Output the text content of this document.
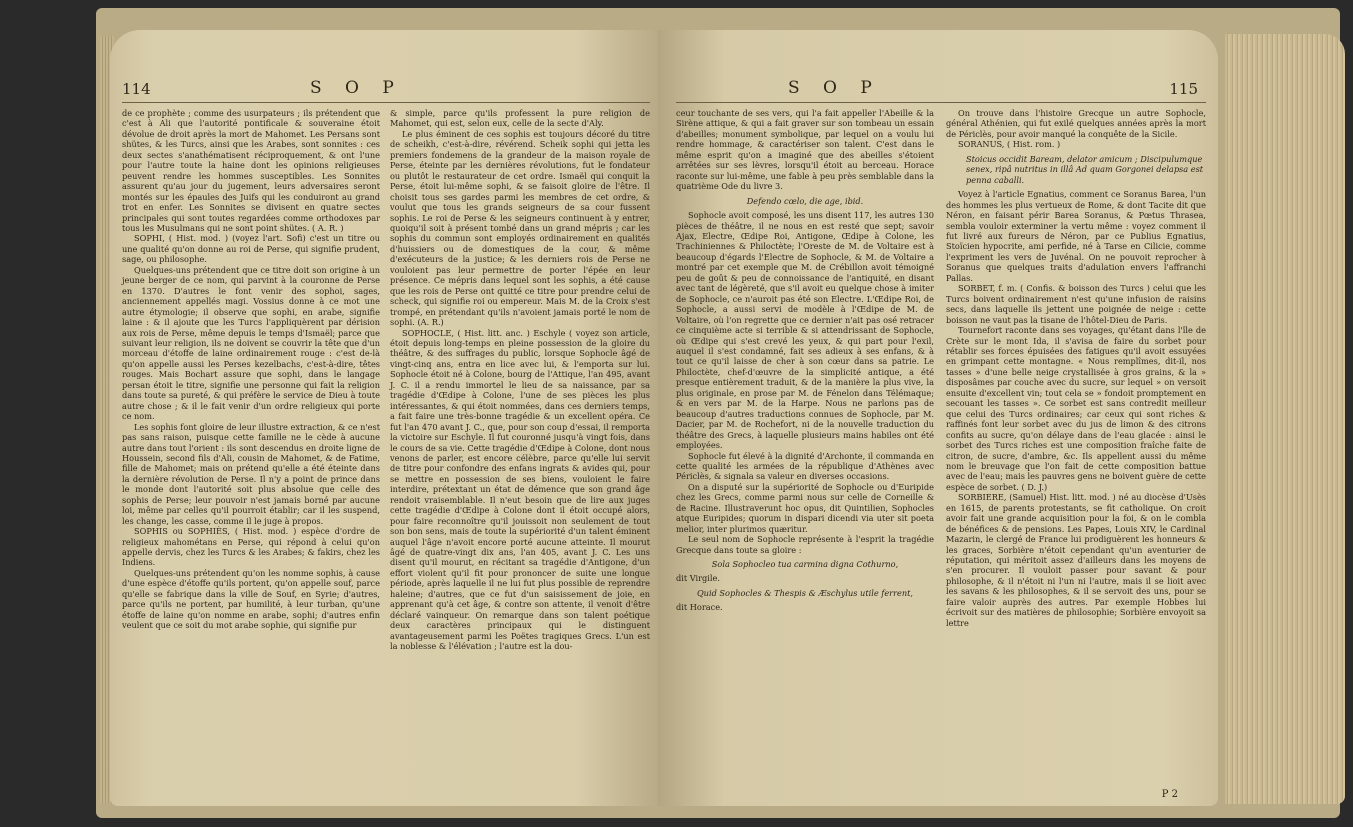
114	S O P

de ce prophète ; comme des usurpateurs ; ils prétendent que c'est à Ali que l'autorité pontificale & souveraine étoit dévolue de droit après la mort de Mahomet. Les Persans sont shütes, & les Turcs, ainsi que les Arabes, sont sonnites : ces deux sectes s'anathématisent réciproquement, & ont l'une pour l'autre toute la haine dont les opinions religieuses peuvent rendre les hommes susceptibles. Les Sonnites assurent qu'au jour du jugement, leurs adversaires seront montés sur les épaules des Juifs qui les conduiront au grand trot en enfer. Les Sonnites se divisent en quatre sectes principales qui sont toutes regardées comme orthodoxes par tous les Musulmans qui ne sont point shütes. ( A. R. )

SOPHI, ( Hist. mod. ) (voyez l'art. Sofi) c'est un titre ou une qualité qu'on donne au roi de Perse, qui signifie prudent, sage, ou philosophe.

Quelques-uns prétendent que ce titre doit son origine à un jeune berger de ce nom, qui parvint à la couronne de Perse en 1370. D'autres le font venir des sophoi, sages, anciennement appellés magi. Vossius donne à ce mot une autre étymologie; il observe que sophi, en arabe, signifie laine : & il ajoute que les Turcs l'appliquèrent par dérision aux rois de Perse, même depuis le temps d'Ismaël; parce que suivant leur religion, ils ne doivent se couvrir la tête que d'un morceau d'étoffe de laine ordinairement rouge : c'est de-là qu'on appelle aussi les Perses kezelbachs, c'est-à-dire, têtes rouges. Mais Bochart assure que sophi, dans le langage persan étoit le titre, signifie une personne qui fait la religion dans toute sa pureté, & qui préfère le service de Dieu à toute autre chose ; & il le fait venir d'un ordre religieux qui porte ce nom.

Les sophis font gloire de leur illustre extraction, & ce n'est pas sans raison, puisque cette famille ne le cède à aucune autre dans tout l'orient : ils sont descendus en droite ligne de Houssein, second fils d'Ali, cousin de Mahomet, & de Fatime, fille de Mahomet; mais on prétend qu'elle a été éteinte dans la dernière révolution de Perse. Il n'y a point de prince dans le monde dont l'autorité soit plus absolue que celle des sophis de Perse; leur pouvoir n'est jamais borné par aucune loi, même par celles qu'il pourroit établir; car il les suspend, les change, les casse, comme il le juge à propos.

SOPHIS ou SOPHIÈS, ( Hist. mod. ) espèce d'ordre de religieux mahométans en Perse, qui répond à celui qu'on appelle dervis, chez les Turcs & les Arabes; & fakirs, chez les Indiens.

Quelques-uns prétendent qu'on les nomme sophis, à cause d'une espèce d'étoffe qu'ils portent, qu'on appelle souf, parce qu'elle se fabrique dans la ville de Souf, en Syrie; d'autres, parce qu'ils ne portent, par humilité, à leur turban, qu'une étoffe de laine qu'on nomme en arabe, sophi; d'autres enfin veulent que ce soit du mot arabe sophie, qui signifie pur

& simple, parce qu'ils professent la pure religion de Mahomet, qui est, selon eux, celle de la secte d'Aly.

Le plus éminent de ces sophis est toujours décoré du titre de scheikh, c'est-à-dire, révérend. Scheik sophi qui jetta les premiers fondemens de la grandeur de la maison royale de Perse, éteinte par les dernières révolutions, fut le fondateur ou plutôt le restaurateur de cet ordre. Ismaël qui conquit la Perse, étoit lui-même sophi, & se faisoit gloire de l'être. Il choisit tous ses gardes parmi les membres de cet ordre, & voulut que tous les grands seigneurs de sa cour fussent sophis. Le roi de Perse & les seigneurs continuent à y entrer, quoiqu'il soit à présent tombé dans un grand mépris ; car les sophis du commun sont employés ordinairement en qualités d'huissiers ou de domestiques de la cour, & même d'exécuteurs de la justice; & les derniers rois de Perse ne vouloient pas leur permettre de porter l'épée en leur présence. Ce mépris dans lequel sont les sophis, a été cause que les rois de Perse ont quitté ce titre pour prendre celui de scheck, qui signifie roi ou empereur. Mais M. de la Croix s'est trompé, en prétendant qu'ils n'avoient jamais porté le nom de sophi. (A. R.)

SOPHOCLE, ( Hist. litt. anc. ) Eschyle ( voyez son article, étoit depuis long-temps en pleine possession de la gloire du théâtre, & des suffrages du public, lorsque Sophocle âgé de vingt-cinq ans, entra en lice avec lui, & l'emporta sur lui. Sophocle étoit né à Colone, bourg de l'Attique, l'an 495, avant J. C. il a rendu immortel le lieu de sa naissance, par sa tragédie d'Œdipe à Colone, l'une de ses pièces les plus intéressantes, & qui étoit nommées, dans ces derniers temps, a fait faire une très-bonne tragédie & un excellent opéra. Ce fut l'an 470 avant J. C., que, pour son coup d'essai, il remporta la victoire sur Eschyle. Il fut couronné jusqu'à vingt fois, dans le cours de sa vie. Cette tragédie d'Œdipe à Colone, dont nous venons de parler, est encore célèbre, parce qu'elle lui servit de titre pour confondre des enfans ingrats & avides qui, pour se mettre en possession de ses biens, vouloient le faire interdire, prétextant un état de démence que son grand âge rendoit vraisemblable. Il n'eut besoin que de lire aux juges cette tragédie d'Œdipe à Colone dont il étoit occupé alors, pour faire reconnoître qu'il jouissoit non seulement de tout son bon sens, mais de toute la supériorité d'un talent éminent auquel l'âge n'avoit encore porté aucune atteinte. Il mourut âgé de quatre-vingt dix ans, l'an 405, avant J. C. Les uns disent qu'il mourut, en récitant sa tragédie d'Antigone, d'un effort violent qu'il fit pour prononcer de suite une longue période, après laquelle il ne lui fut plus possible de reprendre haleine; d'autres, que ce fut d'un saisissement de joie, en apprenant qu'à cet âge, & contre son attente, il venoit d'être déclaré vainqueur. On remarque dans son talent poétique deux caractères principaux qui le distinguent avantageusement parmi les Poëtes tragiques Grecs. L'un est la noblesse & l'élévation ; l'autre est la dou-

S O P	115

ceur touchante de ses vers, qui l'a fait appeller l'Abeille & la Sirène attique, & qui a fait graver sur son tombeau un essain d'abeilles; monument symbolique, par lequel on a voulu lui rendre hommage, & caractériser son talent. C'est dans le même esprit qu'on a imaginé que des abeilles s'étoient arrêtées sur ses lèvres, lorsqu'il étoit au berceau. Horace raconte sur lui-même, une fable à peu près semblable dans la quatrième Ode du livre 3.

Defendo cœlo, die age, ibid.

Sophocle avoit composé, les uns disent 117, les autres 130 pièces de théâtre, il ne nous en est resté que sept; savoir Ajax, Electre, Œdipe Roi, Antigone, Œdipe à Colone, les Trachiniennes & Philoctète; l'Oreste de M. de Voltaire est à beaucoup d'égards l'Electre de Sophocle, & M. de Voltaire a montré par cet exemple que M. de Crébillon avoit témoigné peu de goût & peu de connoissance de l'antiquité, en disant avec tant de légèreté, que s'il avoit eu quelque chose à imiter de Sophocle, ce n'auroit pas été son Electre. L'Œdipe Roi, de Sophocle, a aussi servi de modèle à l'Œdipe de M. de Voltaire, où l'on regrette que ce dernier n'ait pas osé retracer ce cinquième acte si terrible & si attendrissant de Sophocle, où Œdipe qui s'est crevé les yeux, & qui part pour l'exil, auquel il s'est condamné, fait ses adieux à ses enfans, & à tout ce qu'il laisse de cher à son cœur dans sa patrie. Le Philoctète, chef-d'œuvre de la simplicité antique, a été presque entièrement traduit, & de la manière la plus vive, la plus originale, en prose par M. de Fénelon dans Télémaque; & en vers par M. de la Harpe. Nous ne parlons pas de beaucoup d'autres traductions connues de Sophocle, par M. Dacier, par M. de Rochefort, ni de la nouvelle traduction du théâtre des Grecs, à laquelle plusieurs mains habiles ont été employées.

Sophocle fut élevé à la dignité d'Archonte, il commanda en cette qualité les armées de la république d'Athènes avec Périclès, & signala sa valeur en diverses occasions.

On a disputé sur la supériorité de Sophocle ou d'Euripide chez les Grecs, comme parmi nous sur celle de Corneille & de Racine. Illustraverunt hoc opus, dit Quintilien, Sophocles atque Euripides; quorum in dispari dicendi via uter sit poeta melior, inter plurimos quæritur.

Le seul nom de Sophocle représente à l'esprit la tragédie Grecque dans toute sa gloire :

Sola Sophocleo tua carmina digna Cothurno,

dit Virgile.

Quid Sophocles & Thespis & Æschylus utile ferrent,

dit Horace.

On trouve dans l'histoire Grecque un autre Sophocle, général Athénien, qui fut exilé quelques années après la mort de Périclès, pour avoir manqué la conquête de la Sicile.

SORANUS, ( Hist. rom. )

Stoicus occidit Baream, delator amicum ; Discipulumque senex, ripâ nutritus in illâ Ad quam Gorgonei delapsa est penna caballi.

Voyez à l'article Egnatius, comment ce Soranus Barea, l'un des hommes les plus vertueux de Rome, & dont Tacite dit que Néron, en faisant périr Barea Soranus, & Pœtus Thrasea, sembla vouloir exterminer la vertu même : voyez comment il fut livré aux fureurs de Néron, par ce Publius Egnatius, Stoïcien hypocrite, ami perfide, né à Tarse en Cilicie, comme l'expriment les vers de Juvénal. On ne pouvoit reprocher à Soranus que quelques traits d'adulation envers l'affranchi Pallas.

SORBET, f. m. ( Confis. & boisson des Turcs ) celui que les Turcs boivent ordinairement n'est qu'une infusion de raisins secs, dans laquelle ils jettent une poignée de neige : cette boisson ne vaut pas la tisane de l'hôtel-Dieu de Paris.

Tournefort raconte dans ses voyages, qu'étant dans l'île de Crète sur le mont Ida, il s'avisa de faire du sorbet pour rétablir ses forces épuisées des fatigues qu'il avoit essuyées en grimpant cette montagne. « Nous remplîmes, dit-il, nos tasses » d'une belle neige crystallisée à gros grains, & la » disposâmes par couche avec du sucre, sur lequel » on versoit ensuite d'excellent vin; tout cela se » fondoit promptement en secouant les tasses ». Ce sorbet est sans contredit meilleur que celui des Turcs ordinaires; car ceux qui sont riches & raffinés font leur sorbet avec du jus de limon & des citrons confits au sucre, qu'on délaye dans de l'eau glacée : ainsi le sorbet des Turcs riches est une composition fraîche faite de citron, de sucre, d'ambre, &c. Ils appellent aussi du même nom le breuvage que l'on fait de cette composition battue avec de l'eau; mais les pauvres gens ne boivent guère de cette espèce de sorbet. ( D. J.)

SORBIERE, (Samuel) Hist. litt. mod. ) né au diocèse d'Usès en 1615, de parents protestants, se fit catholique. On croit avoir fait une grande acquisition pour la foi, & on le combla de bénéfices & de pensions. Les Papes, Louis XIV, le Cardinal Mazarin, le clergé de France lui prodiguèrent les honneurs & les graces, Sorbière n'étoit cependant qu'un aventurier de réputation, qui méritoit assez d'ailleurs dans les moyens de s'en procurer. Il vouloit passer pour savant & pour philosophe, & il n'étoit ni l'un ni l'autre, mais il se lioit avec les savans & les philosophes, & il se servoit des uns, pour se faire valoir auprès des autres. Par exemple Hobbes lui écrivoit sur des matières de philosophie; Sorbière envoyoit sa lettre

P 2
